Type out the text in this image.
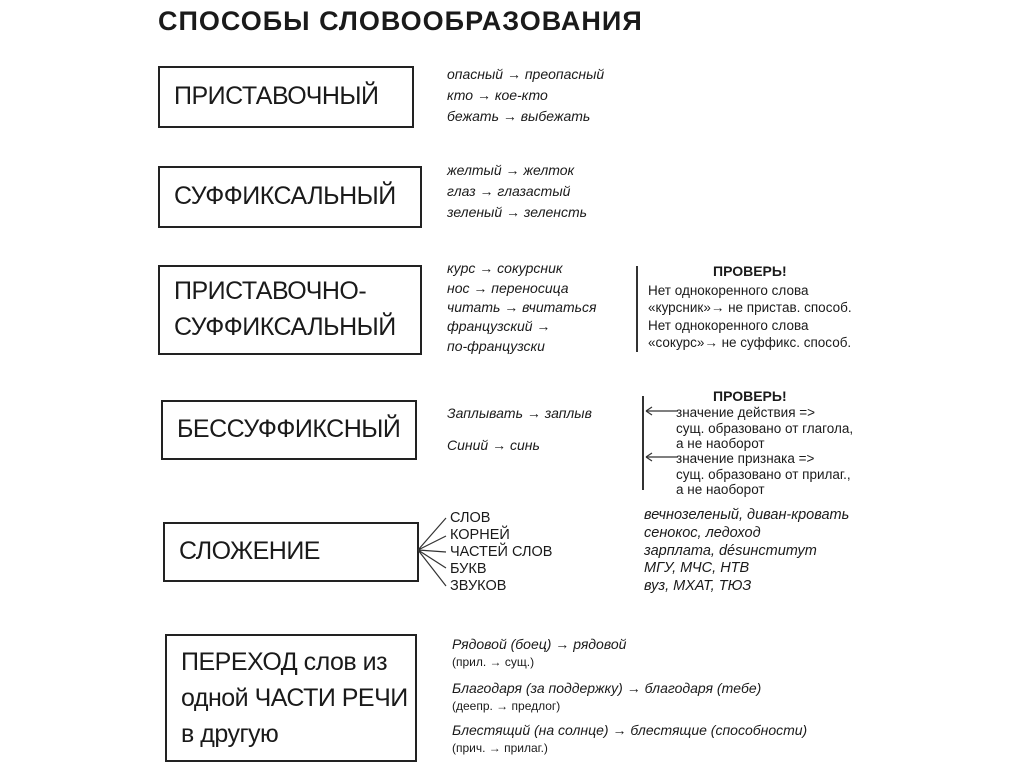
СПОСОБЫ СЛОВООБРАЗОВАНИЯ
ПРИСТАВОЧНЫЙ
опасный → преопасный
кто → кое-кто
бежать → выбежать
СУФФИКСАЛЬНЫЙ
желтый → желток
глаз → глазастый
зеленый → зеленсть
ПРИСТАВОЧНО-
СУФФИКСАЛЬНЫЙ
курс → сокурсник
нос → переносица
читать → вчитаться
французский →
по-французски
ПРОВЕРЬ!
Нет однокоренного слова
«курсник»→ не пристав. способ.
Нет однокоренного слова
«сокурс»→ не суффикс. способ.
БЕССУФФИКСНЫЙ
Заплывать → заплыв
Синий → синь
ПРОВЕРЬ!
значение действия =>
сущ. образовано от глагола,
а не наоборот
значение признака =>
сущ. образовано от прилаг.,
а не наоборот
СЛОЖЕНИЕ
СЛОВ
КОРНЕЙ
ЧАСТЕЙ СЛОВ
БУКВ
ЗВУКОВ
вечнозеленый, диван-кровать
сенокос, ледоход
зарплата, désинститут
МГУ, МЧС, НТВ
вуз, МХАТ, ТЮЗ
ПЕРЕХОД слов из
одной ЧАСТИ РЕЧИ
в другую
Рядовой (боец) → рядовой
(прил. → сущ.)
Благодаря (за поддержку) → благодаря (тебе)
(деепр. → предлог)
Блестящий (на солнце) → блестящие (способности)
(прич. → прилаг.)
